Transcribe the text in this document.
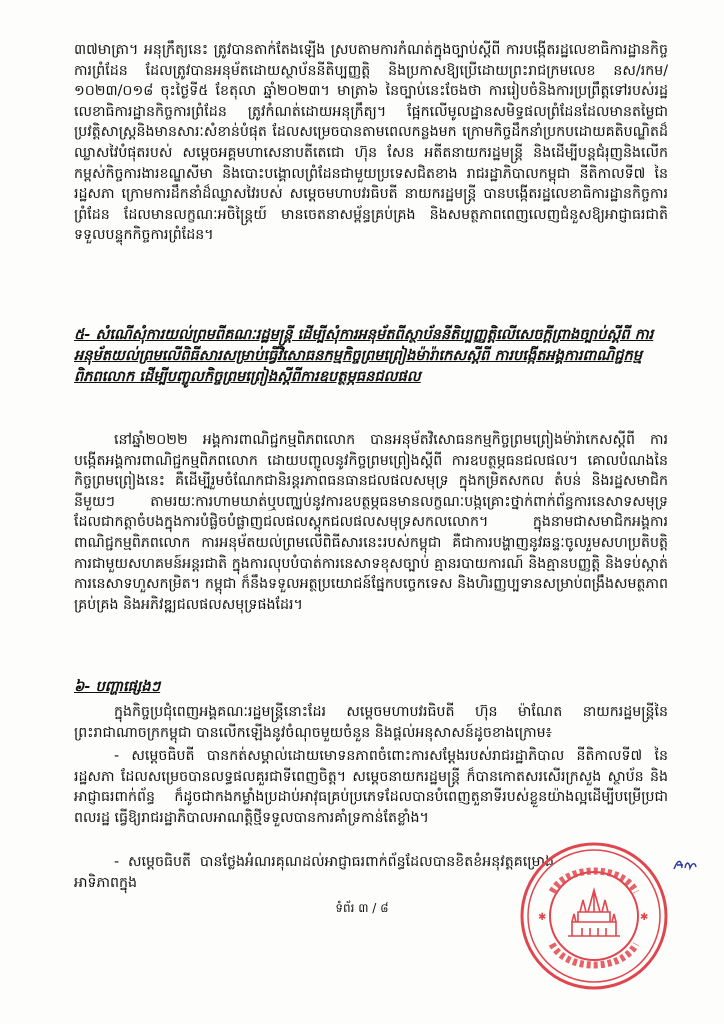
៣៧មាត្រា។ អនុក្រឹត្យនេះ ត្រូវបានតាក់តែងឡើង ស្របតាមការកំណត់ក្នុងច្បាប់ស្តីពី ការបង្កើតរដ្ឋលេខាធិការដ្ឋានកិច្ចការព្រំដែន ដែលត្រូវបានអនុម័តដោយស្ថាប័ននីតិប្បញ្ញត្តិ និងប្រកាសឱ្យប្រើដោយព្រះរាជក្រមលេខ នស/រកម/១០២៣/០១៨ ចុះថ្ងៃទី៥ ខែតុលា ឆ្នាំ២០២៣។ មាត្រា៦ នៃច្បាប់នេះចែងថា ការរៀបចំនិងការប្រព្រឹត្តទៅរបស់រដ្ឋលេខាធិការដ្ឋានកិច្ចការព្រំដែន ត្រូវកំណត់ដោយអនុក្រឹត្យ។ ផ្អែកលើមូលដ្ឋានសមិទ្ធផលព្រំដែនដែលមានតម្លៃជាប្រវត្តិសាស្ត្រនិងមានសារៈសំខាន់បំផុត ដែលសម្រេចបានតាមពេលកន្លងមក ក្រោមកិច្ចដឹកនាំប្រកបដោយគតិបណ្ឌិតដ៏ឈ្លាសវៃបំផុតរបស់ សម្តេចអគ្គមហាសេនាបតីតេជោ ហ៊ុន សែន អតីតនាយករដ្ឋមន្ត្រី និងដើម្បីបន្តជំរុញនិងលើកកម្ពស់កិច្ចការងារខណ្ឌសីមា និងបោះបង្គោលព្រំដែនជាមួយប្រទេសជិតខាង រាជរដ្ឋាភិបាលកម្ពុជា នីតិកាលទី៧ នៃរដ្ឋសភា ក្រោមការដឹកនាំដ៏ឈ្លាសវៃរបស់ សម្តេចមហាបវរធិបតី នាយករដ្ឋមន្ត្រី បានបង្កើតរដ្ឋលេខាធិការដ្ឋានកិច្ចការព្រំដែន ដែលមានលក្ខណៈអចិន្ត្រៃយ៍ មានចេតនាសម្ព័ន្ធគ្រប់គ្រង និងសមត្ថភាពពេញលេញជំនួសឱ្យអាជ្ញាធរជាតិទទួលបន្ទុកកិច្ចការព្រំដែន។

៥- សំណើសុំការយល់ព្រមពីគណៈរដ្ឋមន្ត្រី ដើម្បីសុំការអនុម័តពីស្ថាប័ននីតិប្បញ្ញត្តិលើសេចក្តីព្រាងច្បាប់ស្តីពី ការអនុម័តយល់ព្រមលើពិធីសារសម្រាប់ធ្វើវិសោធនកម្មកិច្ចព្រមព្រៀងម៉ារ៉ាកេសស្តីពី ការបង្កើតអង្គការពាណិជ្ជកម្មពិភពលោក ដើម្បីបញ្ចូលកិច្ចព្រមព្រៀងស្តីពីការឧបត្ថម្ភធនជលផល

នៅឆ្នាំ២០២២ អង្គការពាណិជ្ជកម្មពិភពលោក បានអនុម័តវិសោធនកម្មកិច្ចព្រមព្រៀងម៉ារ៉ាកេសស្តីពី ការបង្កើតអង្គការពាណិជ្ជកម្មពិភពលោក ដោយបញ្ចូលនូវកិច្ចព្រមព្រៀងស្តីពី ការឧបត្ថម្ភធនជលផល។ គោលបំណងនៃកិច្ចព្រមព្រៀងនេះ គឺដើម្បីរួមចំណែកជានិរន្តរភាពធនធានជលផលសមុទ្រ ក្នុងកម្រិតសកល តំបន់ និងរដ្ឋសមាជិកនីមួយៗ តាមរយៈការហាមឃាត់ឬបញ្ឈប់នូវការឧបត្ថម្ភធនមានលក្ខណៈបង្កគ្រោះថ្នាក់ពាក់ព័ន្ធការនេសាទសមុទ្រ ដែលជាកត្តាចំបងក្នុងការបំផ្លិចបំផ្លាញជលផលស្តុកជលផលសមុទ្រសកលលោក។ ក្នុងនាមជាសមាជិកអង្គការពាណិជ្ជកម្មពិភពលោក ការអនុម័តយល់ព្រមលើពិធីសារនេះរបស់កម្ពុជា គឺជាការបង្ហាញនូវឆន្ទៈចូលរួមសហប្រតិបត្តិការជាមួយសហគមន៍អន្តរជាតិ ក្នុងការលុបបំបាត់ការនេសាទខុសច្បាប់ គ្មានរបាយការណ៍ និងគ្មានបញ្ញត្តិ និងទប់ស្កាត់ការនេសាទហួសកម្រិត។ កម្ពុជា ក៏នឹងទទួលអត្ថប្រយោជន៍ផ្នែកបច្ចេកទេស និងហិរញ្ញប្បទានសម្រាប់ពង្រឹងសមត្ថភាពគ្រប់គ្រង និងអភិវឌ្ឍជលផលសមុទ្រផងដែរ។

៦- បញ្ហាផ្សេងៗ

ក្នុងកិច្ចប្រជុំពេញអង្គគណៈរដ្ឋមន្ត្រីនោះដែរ សម្តេចមហាបវរធិបតី ហ៊ុន ម៉ាណែត នាយករដ្ឋមន្ត្រីនៃព្រះរាជាណាចក្រកម្ពុជា បានលើកឡើងនូវចំណុចមួយចំនួន និងផ្តល់អនុសាសន៍ដូចខាងក្រោម៖

- សម្តេចធិបតី បានកត់សម្គាល់ដោយមោទនភាពចំពោះការសម្តែងរបស់រាជរដ្ឋាភិបាល នីតិកាលទី៧ នៃរដ្ឋសភា ដែលសម្រេចបានលទ្ធផលគួរជាទីពេញចិត្ត។ សម្តេចនាយករដ្ឋមន្ត្រី ក៏បានកោតសរសើរក្រសួង ស្ថាប័ន និងអាជ្ញាធរពាក់ព័ន្ធ ក៏ដូចជាកងកម្លាំងប្រដាប់អាវុធគ្រប់ប្រភេទដែលបានបំពេញតួនាទីរបស់ខ្លួនយ៉ាងល្អដើម្បីបម្រើប្រជាពលរដ្ឋ ធ្វើឱ្យរាជរដ្ឋាភិបាលអាណត្តិថ្មីទទួលបានការគាំទ្រកាន់តែខ្លាំង។

- សម្តេចធិបតី បានថ្លែងអំណរគុណដល់អាជ្ញាធរពាក់ព័ន្ធដែលបានខិតខំអនុវត្តគម្រោងអាទិភាពក្នុង

ទំព័រ ៣ / ៨
✱	✱
